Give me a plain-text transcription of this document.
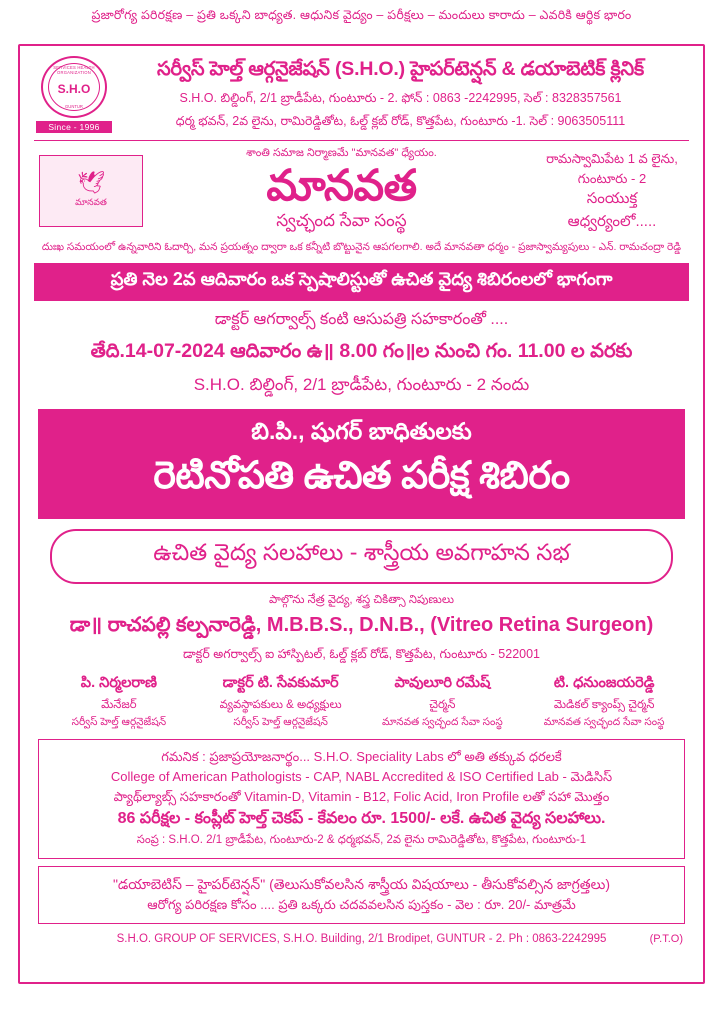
ప్రజారోగ్య పరిరక్షణ – ప్రతి ఒక్కని బాధ్యత. ఆధునిక వైద్యం – పరీక్షలు – మందులు కారాదు – ఎవరికి ఆర్థిక భారం
SERVICES HEALTH ORGANIZATION
S.H.O
GUNTUR
Since - 1996
సర్వీస్ హెల్త్ ఆర్గనైజేషన్ (S.H.O.) హైపర్‌టెన్షన్ & డయాబెటిక్ క్లినిక్
S.H.O. బిల్డింగ్, 2/1 బ్రాడీపేట, గుంటూరు - 2. ఫోన్ : 0863 -2242995, సెల్ : 8328357561
ధర్మ భవన్, 2వ లైను, రామిరెడ్డితోట, ఓల్డ్ క్లబ్ రోడ్, కొత్తపేట, గుంటూరు -1. సెల్ : 9063505111
🕊
మానవత
శాంతి సమాజ నిర్మాణమే "మానవత" ధ్యేయం.
మానవత
స్వచ్ఛంద సేవా సంస్థ
రామస్వామిపేట 1 వ లైను,
గుంటూరు - 2
సంయుక్త
ఆధ్వర్యంలో.....
దుఃఖ సమయంలో ఉన్నవారిని ఓదార్చి, మన ప్రయత్నం ద్వారా ఒక కన్నీటి బొట్టునైన ఆపగలగాలి. అదే మానవతా ధర్మం - ప్రజాస్వామ్యపులు - ఎన్. రామచంద్రా రెడ్డి
ప్రతి నెల 2వ ఆదివారం ఒక స్పెషాలిస్టుతో ఉచిత వైద్య శిబిరంలలో భాగంగా
డాక్టర్ ఆగర్వాల్స్ కంటి ఆసుపత్రి సహకారంతో ....
తేది.14-07-2024 ఆదివారం ఉ॥ 8.00 గం॥ల నుంచి గం. 11.00 ల వరకు
S.H.O. బిల్డింగ్, 2/1 బ్రాడీపేట, గుంటూరు - 2 నందు
బి.పి., షుగర్ బాధితులకు
రెటినోపతి ఉచిత పరీక్ష శిబిరం
ఉచిత వైద్య సలహాలు - శాస్త్రీయ అవగాహన సభ
పాల్గొను నేత్ర వైద్య, శస్త్ర చికిత్సా నిపుణులు
డా॥ రాచపల్లి కల్పనారెడ్డి, M.B.B.S., D.N.B., (Vitreo Retina Surgeon)
డాక్టర్ అగర్వాల్స్ ఐ హాస్పిటల్, ఓల్డ్ క్లబ్ రోడ్, కొత్తపేట, గుంటూరు - 522001
పి. నిర్మలరాణి
మేనేజర్
సర్వీస్ హెల్త్ ఆర్గనైజేషన్
డాక్టర్ టి. సేవకుమార్
వ్యవస్థాపకులు & అధ్యక్షులు
సర్వీస్ హెల్త్ ఆర్గనైజేషన్
పావులూరి రమేష్
చైర్మన్
మానవత స్వచ్ఛంద సేవా సంస్థ
టి. ధనుంజయరెడ్డి
మెడికల్ క్యాంప్స్ చైర్మన్
మానవత స్వచ్ఛంద సేవా సంస్థ
గమనిక : ప్రజాప్రయోజనార్థం... S.H.O. Speciality Labs లో అతి తక్కువ ధరలకే
College of American Pathologists - CAP, NABL Accredited & ISO Certified Lab - మెడిసిస్
ప్యాథ్‌ల్యాబ్స్ సహకారంతో Vitamin-D, Vitamin - B12, Folic Acid, Iron Profile లతో సహా మొత్తం
86 పరీక్షల - కంప్లీట్ హెల్త్ చెకప్ - కేవలం రూ. 1500/- లకే. ఉచిత వైద్య సలహాలు.
సంప్ర : S.H.O. 2/1 బ్రాడీపేట, గుంటూరు-2 & ధర్మభవన్, 2వ లైను రామిరెడ్డితోట, కొత్తపేట, గుంటూరు-1
"డయాబెటిస్ – హైపర్‌టెన్షన్" (తెలుసుకోవలసిన శాస్త్రీయ విషయాలు - తీసుకోవల్సిన జాగ్రత్తలు)
ఆరోగ్య పరిరక్షణ కోసం .... ప్రతి ఒక్కరు చదవవలసిన పుస్తకం - వెల : రూ. 20/- మాత్రమే
S.H.O. GROUP OF SERVICES, S.H.O. Building, 2/1 Brodipet, GUNTUR - 2. Ph : 0863-2242995	(P.T.O)
